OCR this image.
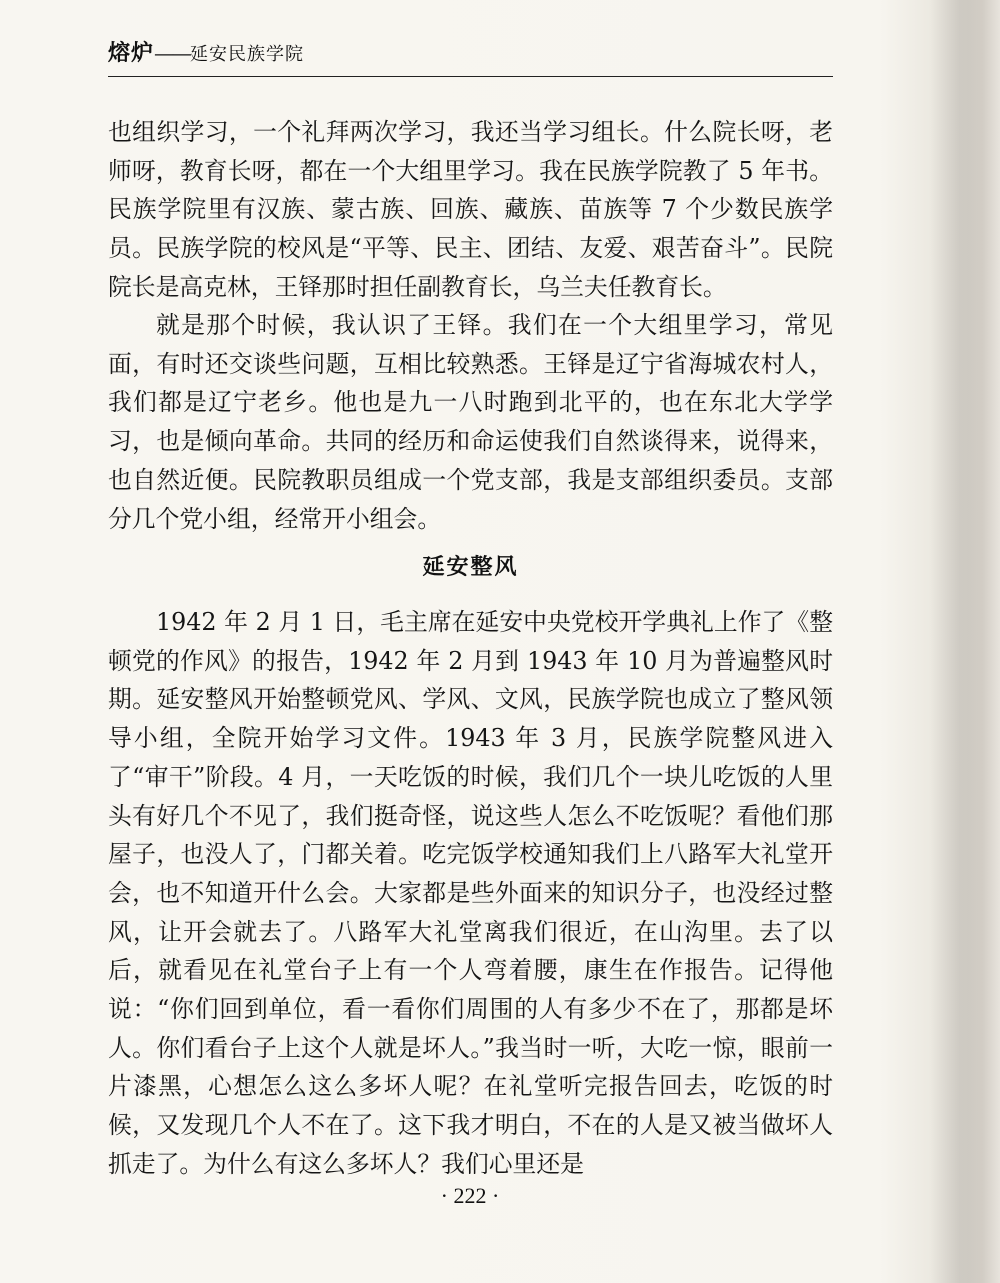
熔炉——延安民族学院

也组织学习，一个礼拜两次学习，我还当学习组长。什么院长呀，老师呀，教育长呀，都在一个大组里学习。我在民族学院教了 5 年书。民族学院里有汉族、蒙古族、回族、藏族、苗族等 7 个少数民族学员。民族学院的校风是“平等、民主、团结、友爱、艰苦奋斗”。民院院长是高克林，王铎那时担任副教育长，乌兰夫任教育长。

就是那个时候，我认识了王铎。我们在一个大组里学习，常见面，有时还交谈些问题，互相比较熟悉。王铎是辽宁省海城农村人，我们都是辽宁老乡。他也是九一八时跑到北平的，也在东北大学学习，也是倾向革命。共同的经历和命运使我们自然谈得来，说得来，也自然近便。民院教职员组成一个党支部，我是支部组织委员。支部分几个党小组，经常开小组会。

延安整风

1942 年 2 月 1 日，毛主席在延安中央党校开学典礼上作了《整顿党的作风》的报告，1942 年 2 月到 1943 年 10 月为普遍整风时期。延安整风开始整顿党风、学风、文风，民族学院也成立了整风领导小组，全院开始学习文件。1943 年 3 月，民族学院整风进入了“审干”阶段。4 月，一天吃饭的时候，我们几个一块儿吃饭的人里头有好几个不见了，我们挺奇怪，说这些人怎么不吃饭呢？看他们那屋子，也没人了，门都关着。吃完饭学校通知我们上八路军大礼堂开会，也不知道开什么会。大家都是些外面来的知识分子，也没经过整风，让开会就去了。八路军大礼堂离我们很近，在山沟里。去了以后，就看见在礼堂台子上有一个人弯着腰，康生在作报告。记得他说：“你们回到单位，看一看你们周围的人有多少不在了，那都是坏人。你们看台子上这个人就是坏人。”我当时一听，大吃一惊，眼前一片漆黑，心想怎么这么多坏人呢？在礼堂听完报告回去，吃饭的时候，又发现几个人不在了。这下我才明白，不在的人是又被当做坏人抓走了。为什么有这么多坏人？我们心里还是

· 222 ·
